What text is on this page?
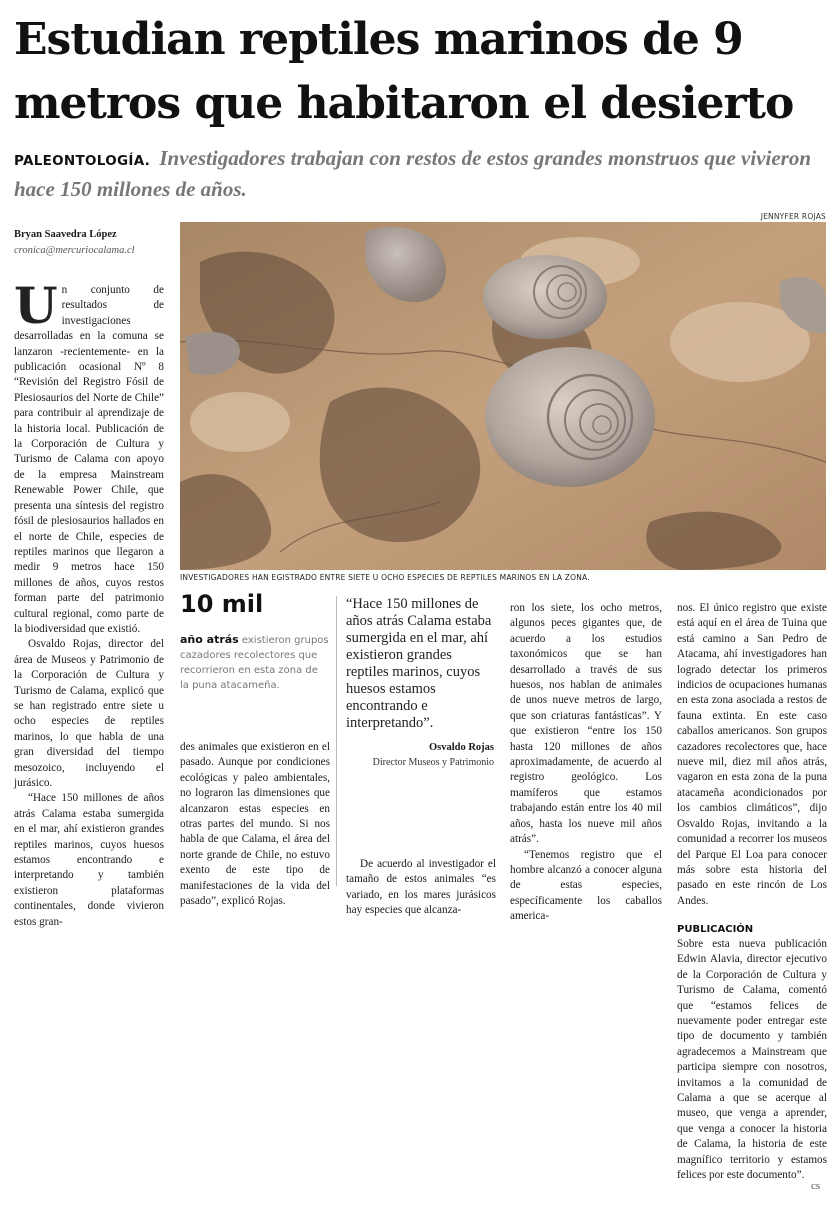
Estudian reptiles marinos de 9 metros que habitaron el desierto
PALEONTOLOGÍA. Investigadores trabajan con restos de estos grandes monstruos que vivieron hace 150 millones de años.
Bryan Saavedra López
cronica@mercuriocalama.cl
JENNYFER ROJAS
INVESTIGADORES HAN EGISTRADO ENTRE SIETE U OCHO ESPECIES DE REPTILES MARINOS EN LA ZONA.

Un conjunto de resultados de investigaciones desarrolladas en la comuna se lanzaron -recientemente- en la publicación ocasional Nº 8 “Revisión del Registro Fósil de Plesiosaurios del Norte de Chile” para contribuir al aprendizaje de la historia local. Publicación de la Corporación de Cultura y Turismo de Calama con apoyo de la empresa Mainstream Renewable Power Chile, que presenta una síntesis del registro fósil de plesiosaurios hallados en el norte de Chile, especies de reptiles marinos que llegaron a medir 9 metros hace 150 millones de años, cuyos restos forman parte del patrimonio cultural regional, como parte de la biodiversidad que existió.

Osvaldo Rojas, director del área de Museos y Patrimonio de la Corporación de Cultura y Turismo de Calama, explicó que se han registrado entre siete u ocho especies de reptiles marinos, lo que habla de una gran diversidad del tiempo mesozoico, incluyendo el jurásico.

“Hace 150 millones de años atrás Calama estaba sumergida en el mar, ahí existieron grandes reptiles marinos, cuyos huesos estamos encontrando e interpretando y también existieron plataformas continentales, donde vivieron estos gran-

10 mil
año atrás existieron grupos cazadores recolectores que recorrieron en esta zona de la puna atacameña.

des animales que existieron en el pasado. Aunque por condiciones ecológicas y paleo ambientales, no lograron las dimensiones que alcanzaron estas especies en otras partes del mundo. Si nos habla de que Calama, el área del norte grande de Chile, no estuvo exento de este tipo de manifestaciones de la vida del pasado”, explicó Rojas.

“Hace 150 millones de años atrás Calama estaba sumergida en el mar, ahí existieron grandes reptiles marinos, cuyos huesos estamos encontrando e interpretando”.
Osvaldo Rojas
Director Museos y Patrimonio

De acuerdo al investigador el tamaño de estos animales “es variado, en los mares jurásicos hay especies que alcanza-

ron los siete, los ocho metros, algunos peces gigantes que, de acuerdo a los estudios taxonómicos que se han desarrollado a través de sus huesos, nos hablan de animales de unos nueve metros de largo, que son criaturas fantásticas”. Y que existieron “entre los 150 hasta 120 millones de años aproximadamente, de acuerdo al registro geológico. Los mamíferos que estamos trabajando están entre los 40 mil años, hasta los nueve mil años atrás”.

“Tenemos registro que el hombre alcanzó a conocer alguna de estas especies, específicamente los caballos america-

nos. El único registro que existe está aquí en el área de Tuina que está camino a San Pedro de Atacama, ahí investigadores han logrado detectar los primeros indicios de ocupaciones humanas en esta zona asociada a restos de fauna extinta. En este caso caballos americanos. Son grupos cazadores recolectores que, hace nueve mil, diez mil años atrás, vagaron en esta zona de la puna atacameña acondicionados por los cambios climáticos”, dijo Osvaldo Rojas, invitando a la comunidad a recorrer los museos del Parque El Loa para conocer más sobre esta historia del pasado en este rincón de Los Andes.

PUBLICACIÓN

Sobre esta nueva publicación Edwin Alavia, director ejecutivo de la Corporación de Cultura y Turismo de Calama, comentó que “estamos felices de nuevamente poder entregar este tipo de documento y también agradecemos a Mainstream que participa siempre con nosotros, invitamos a la comunidad de Calama a que se acerque al museo, que venga a aprender, que venga a conocer la historia de Calama, la historia de este magnífico territorio y estamos felices por este documento”.

cs
